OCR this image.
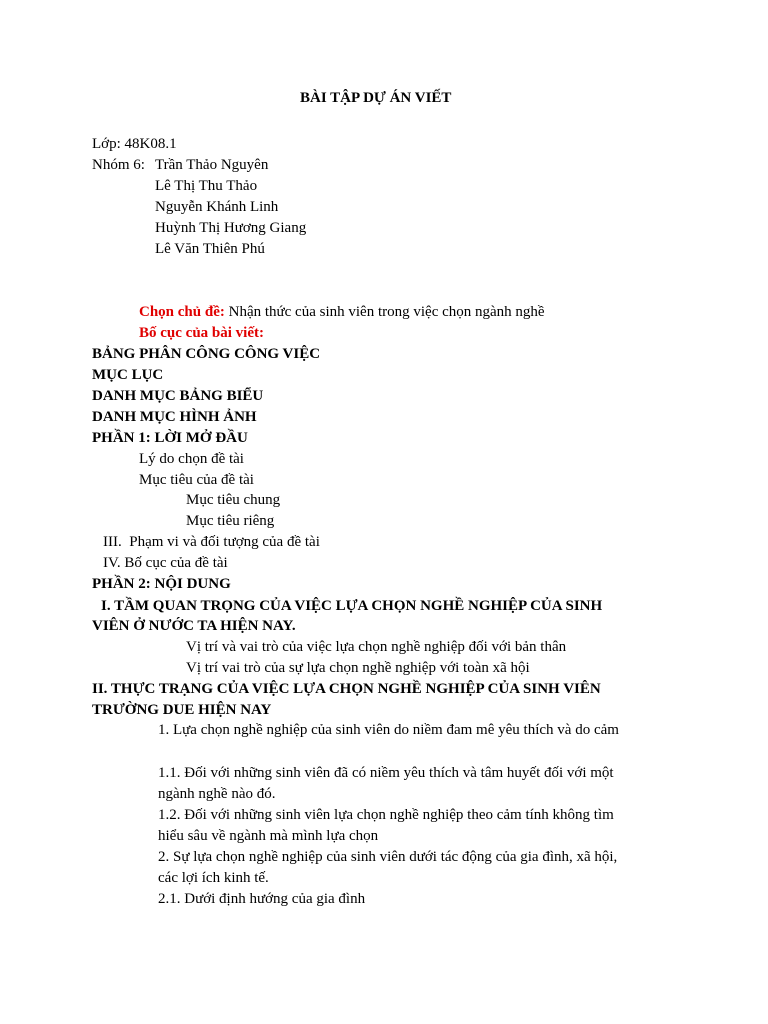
BÀI TẬP DỰ ÁN VIẾT
Lớp: 48K08.1
Nhóm 6: Trần Thảo Nguyên
Lê Thị Thu Thảo
Nguyễn Khánh Linh
Huỳnh Thị Hương Giang
Lê Văn Thiên Phú
Chọn chủ đề: Nhận thức của sinh viên trong việc chọn ngành nghề
Bố cục của bài viết:
BẢNG PHÂN CÔNG CÔNG VIỆC
MỤC LỤC
DANH MỤC BẢNG BIỂU
DANH MỤC HÌNH ẢNH
PHẦN 1: LỜI MỞ ĐẦU
Lý do chọn đề tài
Mục tiêu của đề tài
Mục tiêu chung
Mục tiêu riêng
III. Phạm vi và đối tượng của đề tài
IV. Bố cục của đề tài
PHẦN 2: NỘI DUNG
I. TẦM QUAN TRỌNG CỦA VIỆC LỰA CHỌN NGHỀ NGHIỆP CỦA SINH
VIÊN Ở NƯỚC TA HIỆN NAY.
Vị trí và vai trò của việc lựa chọn nghề nghiệp đối với bản thân
Vị trí vai trò của sự lựa chọn nghề nghiệp với toàn xã hội
II. THỰC TRẠNG CỦA VIỆC LỰA CHỌN NGHỀ NGHIỆP CỦA SINH VIÊN
TRƯỜNG DUE HIỆN NAY
1. Lựa chọn nghề nghiệp của sinh viên do niềm đam mê yêu thích và do cảm
1.1. Đối với những sinh viên đã có niềm yêu thích và tâm huyết đối với một
ngành nghề nào đó.
1.2. Đối với những sinh viên lựa chọn nghề nghiệp theo cảm tính không tìm
hiểu sâu về ngành mà mình lựa chọn
2. Sự lựa chọn nghề nghiệp của sinh viên dưới tác động của gia đình, xã hội,
các lợi ích kinh tế.
2.1. Dưới định hướng của gia đình
